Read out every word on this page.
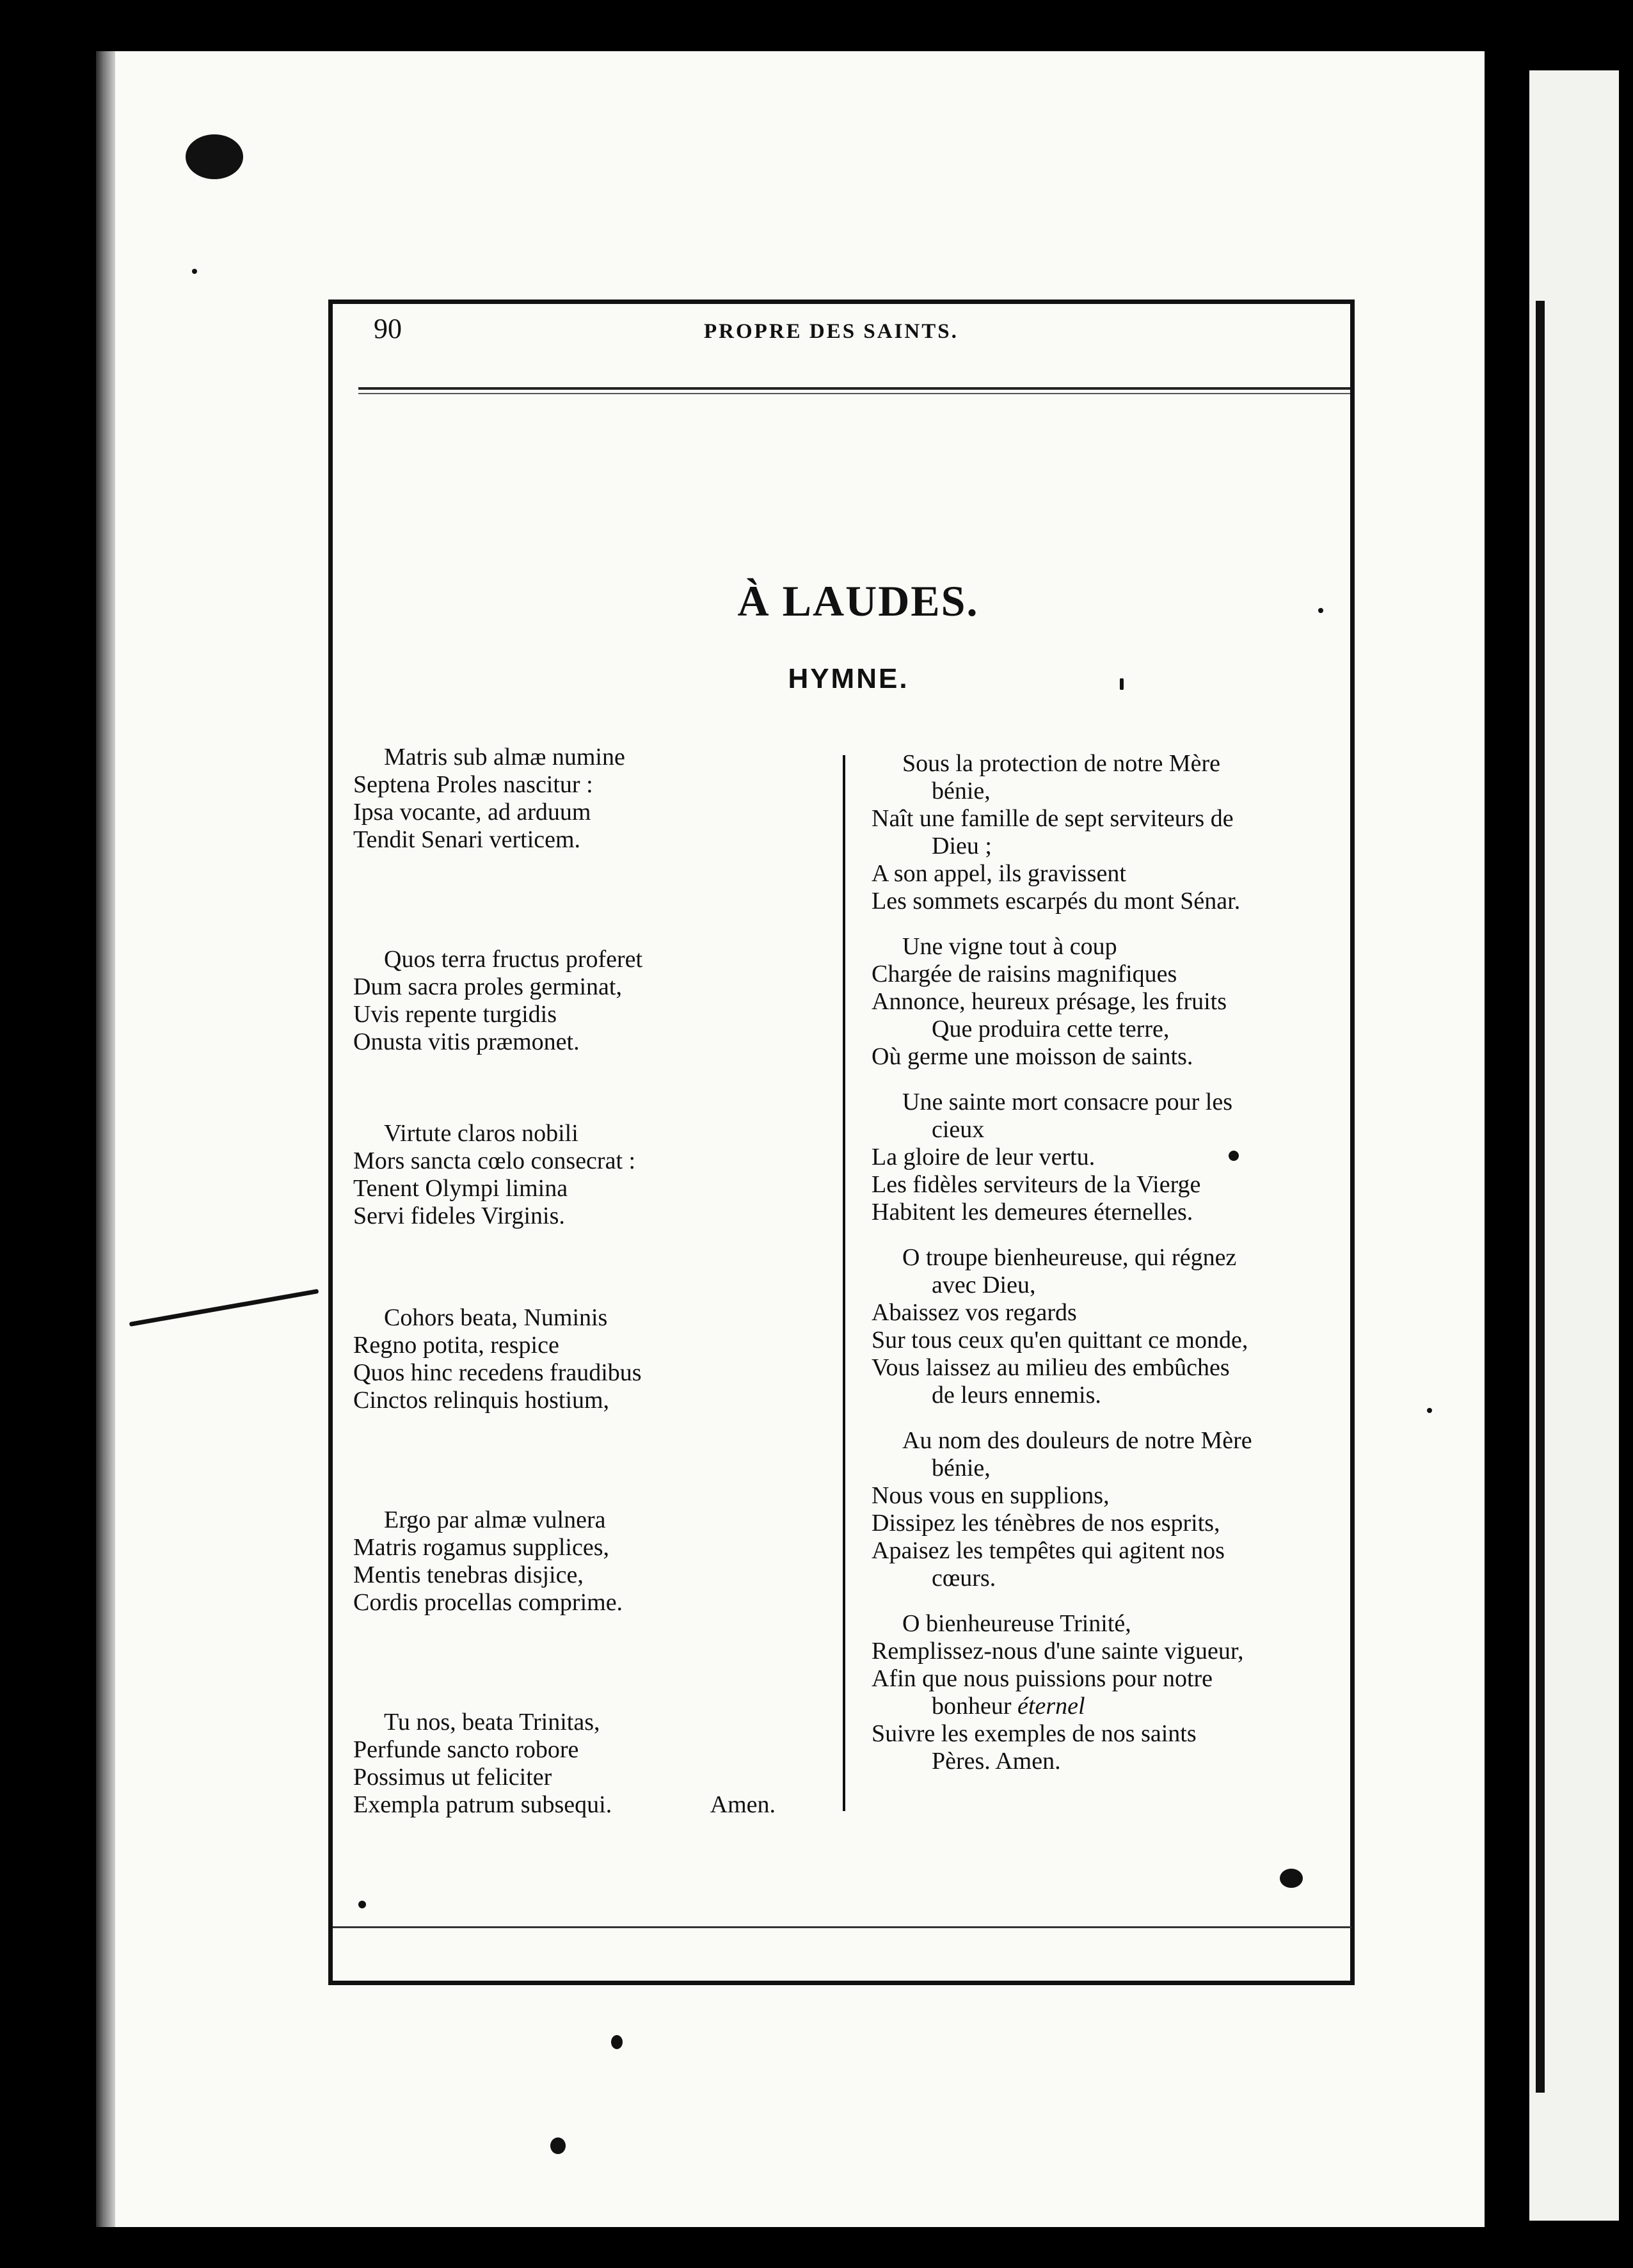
90	PROPRE DES SAINTS.
À LAUDES.
HYMNE.
Matris sub almæ numine
Septena Proles nascitur :
Ipsa vocante, ad arduum
Tendit Senari verticem.
Quos terra fructus proferet
Dum sacra proles germinat,
Uvis repente turgidis
Onusta vitis præmonet.
Virtute claros nobili
Mors sancta cœlo consecrat :
Tenent Olympi limina
Servi fideles Virginis.
Cohors beata, Numinis
Regno potita, respice
Quos hinc recedens fraudibus
Cinctos relinquis hostium,
Ergo par almæ vulnera
Matris rogamus supplices,
Mentis tenebras disjice,
Cordis procellas comprime.
Tu nos, beata Trinitas,
Perfunde sancto robore
Possimus ut feliciter
Exempla patrum subsequi.	Amen.
Sous la protection de notre Mère
bénie,
Naît une famille de sept serviteurs de
Dieu ;
A son appel, ils gravissent
Les sommets escarpés du mont Sénar.
Une vigne tout à coup
Chargée de raisins magnifiques
Annonce, heureux présage, les fruits
Que produira cette terre,
Où germe une moisson de saints.
Une sainte mort consacre pour les
cieux
La gloire de leur vertu.
Les fidèles serviteurs de la Vierge
Habitent les demeures éternelles.
O troupe bienheureuse, qui régnez
avec Dieu,
Abaissez vos regards
Sur tous ceux qu'en quittant ce monde,
Vous laissez au milieu des embûches
de leurs ennemis.
Au nom des douleurs de notre Mère
bénie,
Nous vous en supplions,
Dissipez les ténèbres de nos esprits,
Apaisez les tempêtes qui agitent nos
cœurs.
O bienheureuse Trinité,
Remplissez-nous d'une sainte vigueur,
Afin que nous puissions pour notre
bonheur éternel
Suivre les exemples de nos saints
Pères. Amen.
